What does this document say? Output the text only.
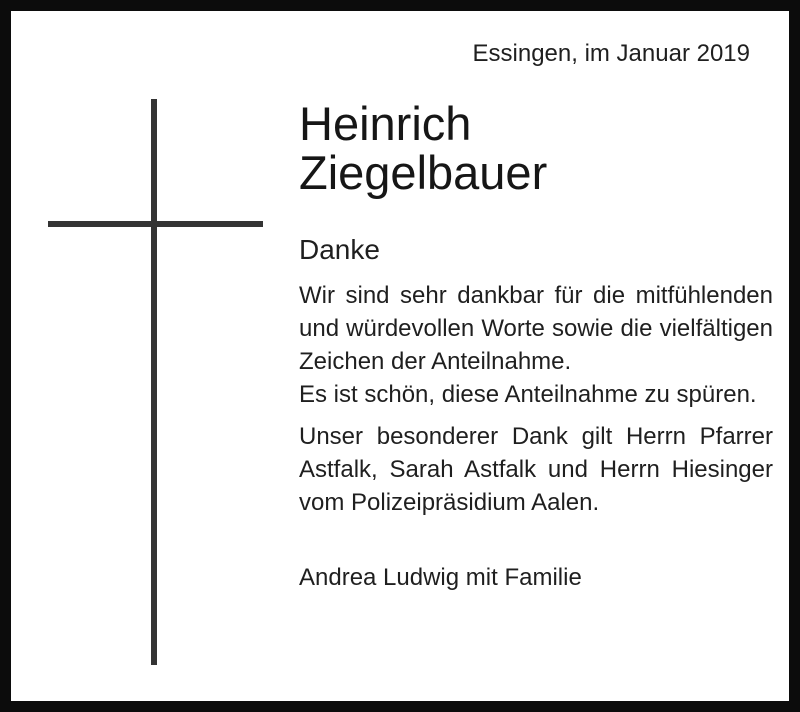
Essingen, im Januar 2019
Heinrich
Ziegelbauer
Danke

Wir sind sehr dankbar für die mitfühlenden und würdevollen Worte sowie die vielfältigen Zeichen der Anteilnahme.

Es ist schön, diese Anteilnahme zu spüren.

Unser besonderer Dank gilt Herrn Pfarrer Astfalk, Sarah Astfalk und Herrn Hiesinger vom Polizeipräsidium Aalen.

Andrea Ludwig mit Familie
